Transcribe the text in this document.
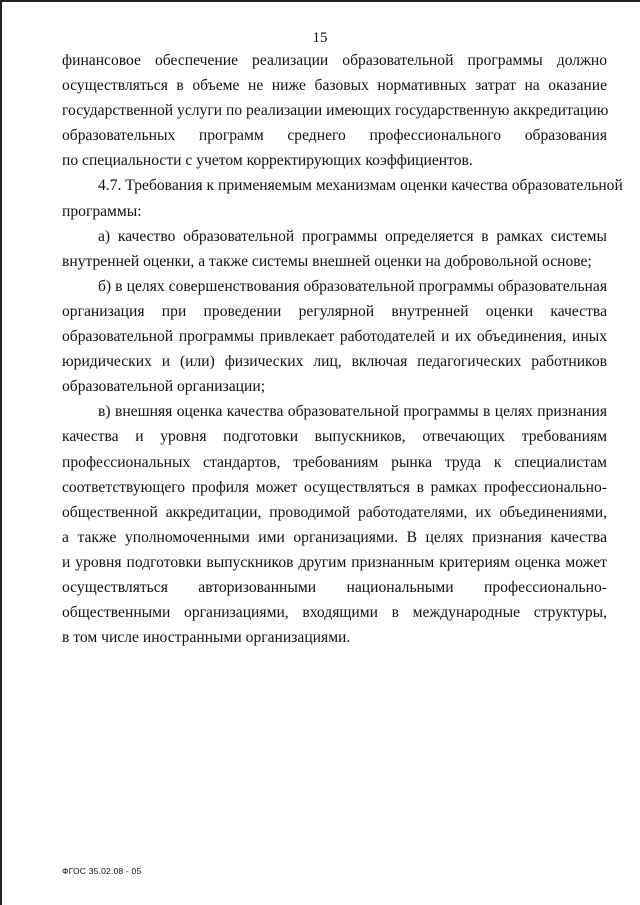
15
финансовое обеспечение реализации образовательной программы должно
осуществляться в объеме не ниже базовых нормативных затрат на оказание
государственной услуги по реализации имеющих государственную аккредитацию
образовательных программ среднего профессионального образования
по специальности с учетом корректирующих коэффициентов.
4.7. Требования к применяемым механизмам оценки качества образовательной
программы:
а) качество образовательной программы определяется в рамках системы
внутренней оценки, а также системы внешней оценки на добровольной основе;
б) в целях совершенствования образовательной программы образовательная
организация при проведении регулярной внутренней оценки качества
образовательной программы привлекает работодателей и их объединения, иных
юридических и (или) физических лиц, включая педагогических работников
образовательной организации;
в) внешняя оценка качества образовательной программы в целях признания
качества и уровня подготовки выпускников, отвечающих требованиям
профессиональных стандартов, требованиям рынка труда к специалистам
соответствующего профиля может осуществляться в рамках профессионально-
общественной аккредитации, проводимой работодателями, их объединениями,
а также уполномоченными ими организациями. В целях признания качества
и уровня подготовки выпускников другим признанным критериям оценка может
осуществляться авторизованными национальными профессионально-
общественными организациями, входящими в международные структуры,
в том числе иностранными организациями.
ФГОС 35.02.08 - 05
